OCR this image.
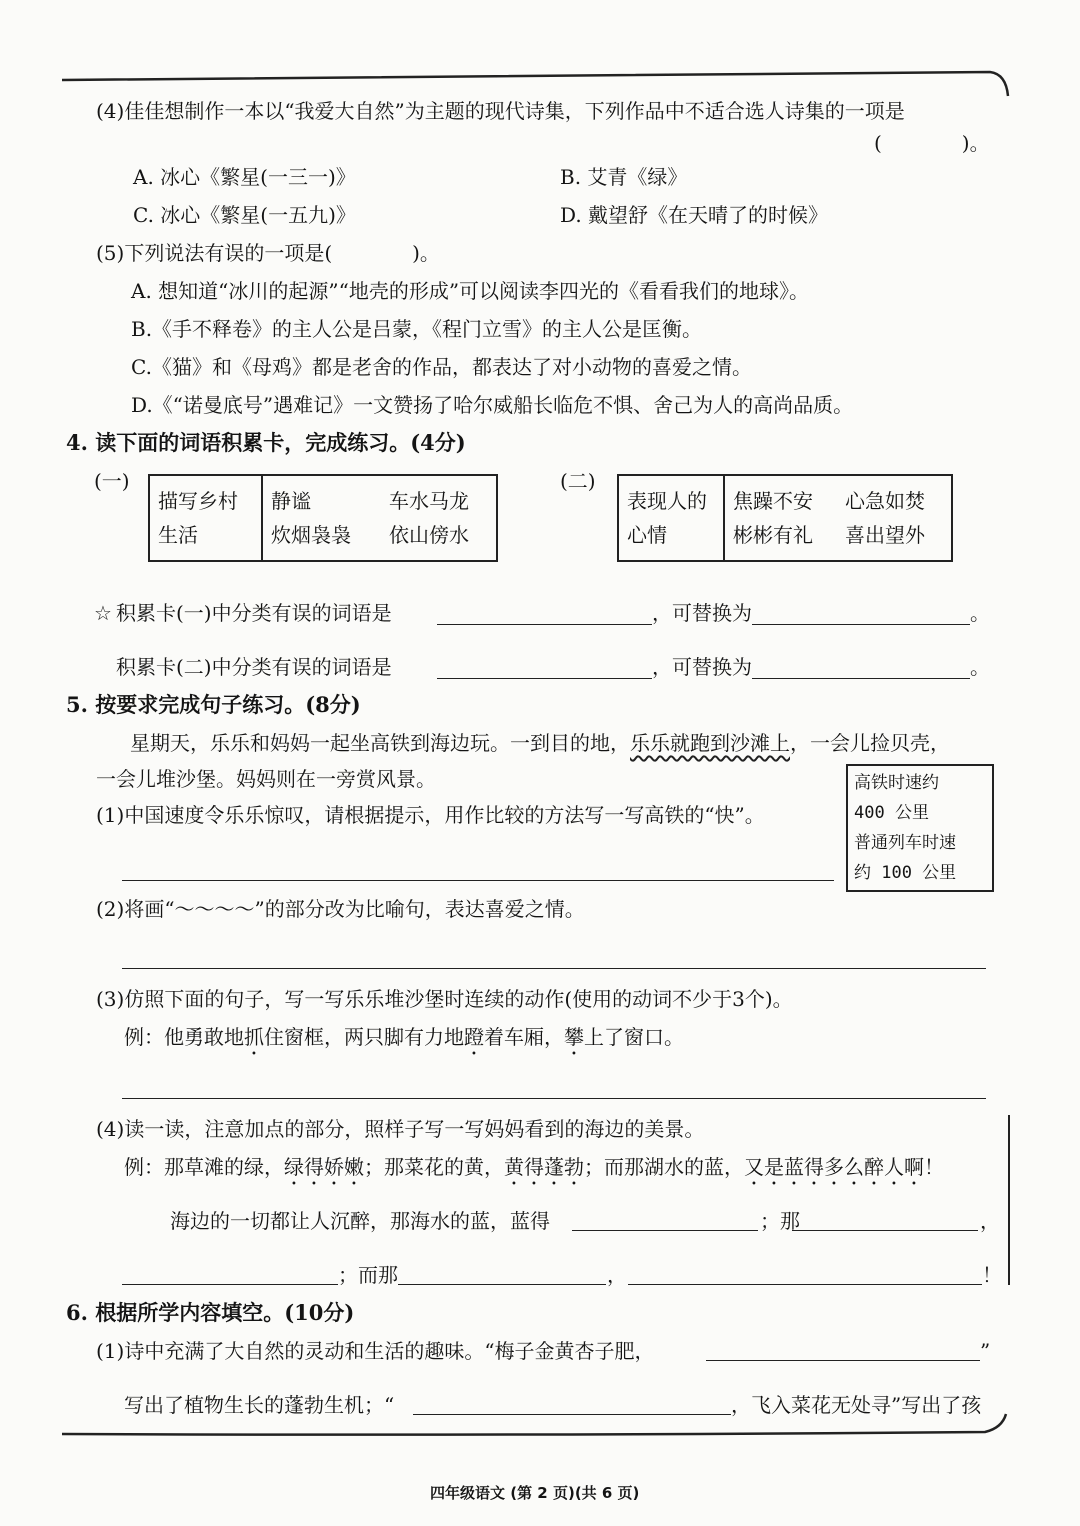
(4)佳佳想制作一本以“我爱大自然”为主题的现代诗集，下列作品中不适合选人诗集的一项是
(　　　　)。
A. 冰心《繁星(一三一)》	B. 艾青《绿》
C. 冰心《繁星(一五九)》	D. 戴望舒《在天晴了的时候》
(5)下列说法有误的一项是(　　　　)。
A. 想知道“冰川的起源”“地壳的形成”可以阅读李四光的《看看我们的地球》。
B.《手不释卷》的主人公是吕蒙，《程门立雪》的主人公是匡衡。
C.《猫》和《母鸡》都是老舍的作品，都表达了对小动物的喜爱之情。
D.《“诺曼底号”遇难记》一文赞扬了哈尔威船长临危不惧、舍己为人的高尚品质。
4. 读下面的词语积累卡，完成练习。(4分)
(一)
描写乡村
生活

静谧	车水马龙
炊烟袅袅	依山傍水
(二)
表现人的
心情

焦躁不安	心急如焚
彬彬有礼	喜出望外
☆ 积累卡(一)中分类有误的词语是	，可替换为	。
积累卡(二)中分类有误的词语是	，可替换为	。
5. 按要求完成句子练习。(8分)
星期天，乐乐和妈妈一起坐高铁到海边玩。一到目的地，乐乐就跑到沙滩上，一会儿捡贝壳，
一会儿堆沙堡。妈妈则在一旁赏风景。	高铁时速约
400 公里
普通列车时速
约 100 公里
(1)中国速度令乐乐惊叹，请根据提示，用作比较的方法写一写高铁的“快”。
(2)将画“～～～～”的部分改为比喻句，表达喜爱之情。
(3)仿照下面的句子，写一写乐乐堆沙堡时连续的动作(使用的动词不少于3个)。
例：他勇敢地抓住窗框，两只脚有力地蹬着车厢，攀上了窗口。
(4)读一读，注意加点的部分，照样子写一写妈妈看到的海边的美景。
例：那草滩的绿，绿得娇嫩；那菜花的黄，黄得蓬勃；而那湖水的蓝，又是蓝得多么醉人啊！
海边的一切都让人沉醉，那海水的蓝，蓝得	；那	，
；而那	，	！
6. 根据所学内容填空。(10分)
(1)诗中充满了大自然的灵动和生活的趣味。“梅子金黄杏子肥，	”
写出了植物生长的蓬勃生机；“	，飞入菜花无处寻”写出了孩
四年级语文 (第 2 页)(共 6 页)
